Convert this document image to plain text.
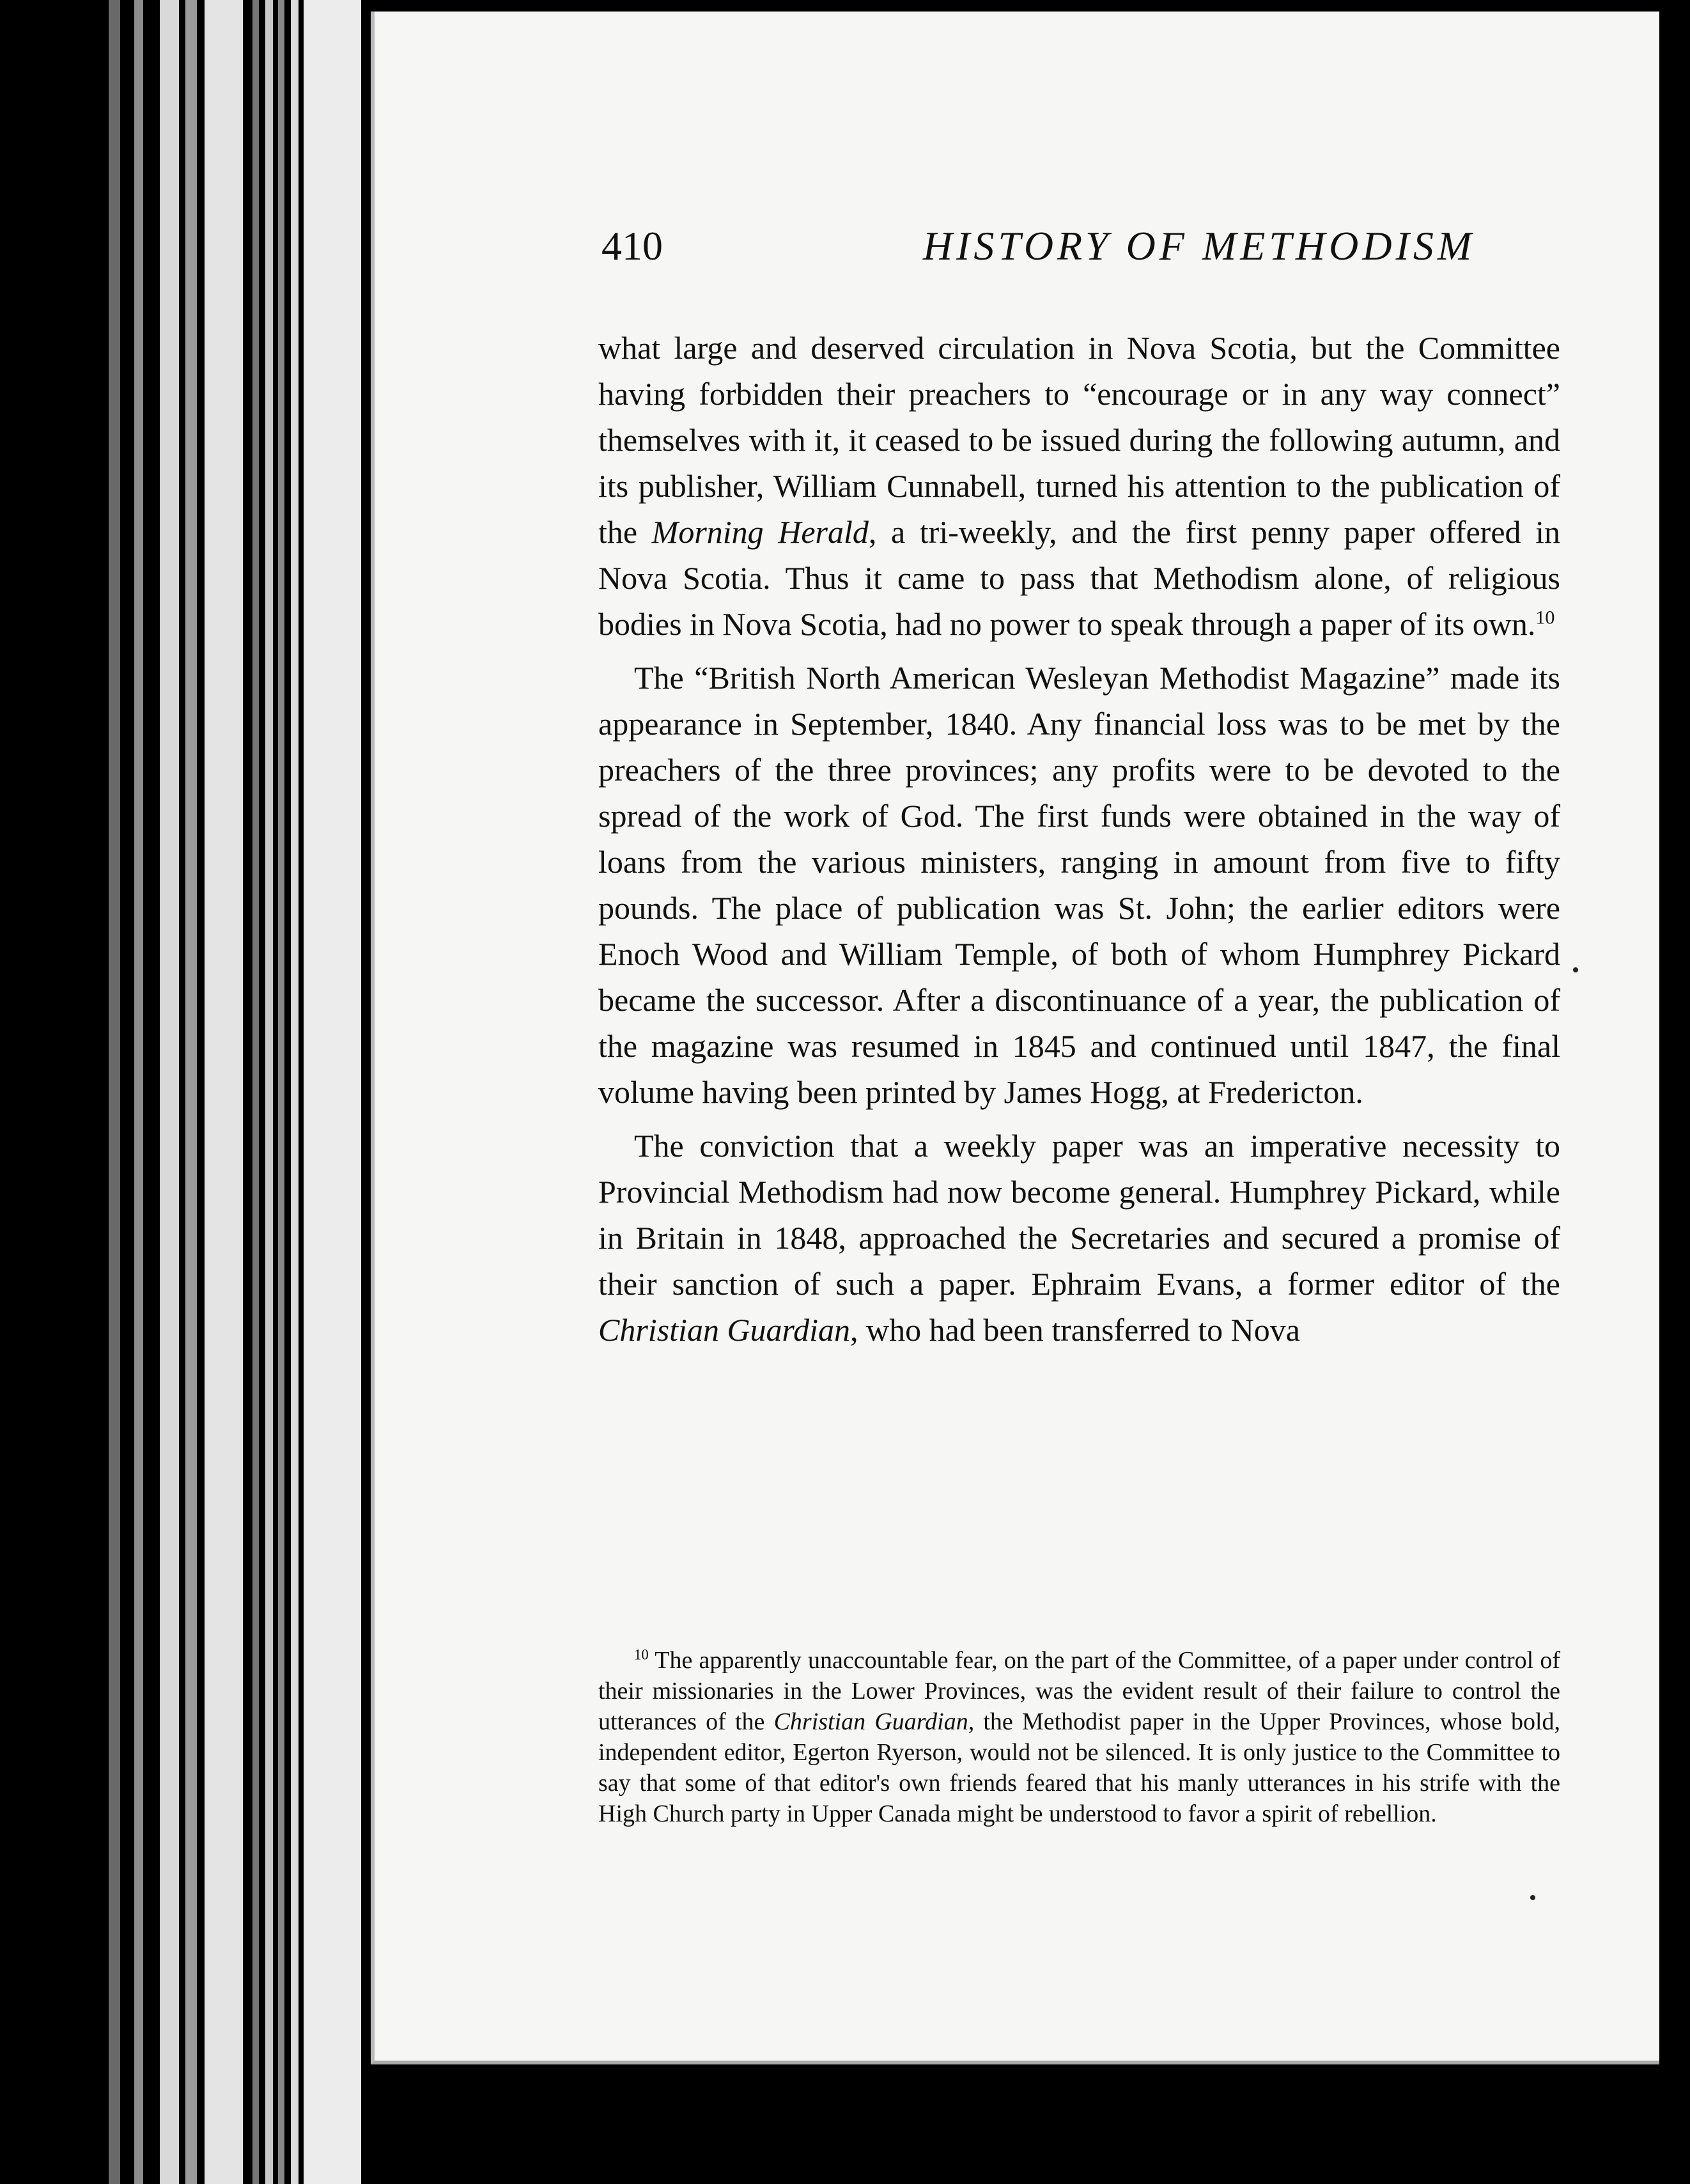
410	HISTORY OF METHODISM

what large and deserved circulation in Nova Scotia, but the Committee having forbidden their preachers to “encourage or in any way connect” themselves with it, it ceased to be issued during the following autumn, and its publisher, William Cunnabell, turned his attention to the publication of the Morning Herald, a tri-weekly, and the first penny paper offered in Nova Scotia. Thus it came to pass that Methodism alone, of religious bodies in Nova Scotia, had no power to speak through a paper of its own.$^{10}$

The “British North American Wesleyan Methodist Magazine” made its appearance in September, 1840. Any financial loss was to be met by the preachers of the three provinces; any profits were to be devoted to the spread of the work of God. The first funds were obtained in the way of loans from the various ministers, ranging in amount from five to fifty pounds. The place of publication was St. John; the earlier editors were Enoch Wood and William Temple, of both of whom Humphrey Pickard became the successor. After a discontinuance of a year, the publication of the magazine was resumed in 1845 and continued until 1847, the final volume having been printed by James Hogg, at Fredericton.

The conviction that a weekly paper was an imperative necessity to Provincial Methodism had now become general. Humphrey Pickard, while in Britain in 1848, approached the Secretaries and secured a promise of their sanction of such a paper. Ephraim Evans, a former editor of the Christian Guardian, who had been transferred to Nova

$^{10}$ The apparently unaccountable fear, on the part of the Committee, of a paper under control of their missionaries in the Lower Provinces, was the evident result of their failure to control the utterances of the Christian Guardian, the Methodist paper in the Upper Provinces, whose bold, independent editor, Egerton Ryerson, would not be silenced. It is only justice to the Committee to say that some of that editor's own friends feared that his manly utterances in his strife with the High Church party in Upper Canada might be understood to favor a spirit of rebellion.
